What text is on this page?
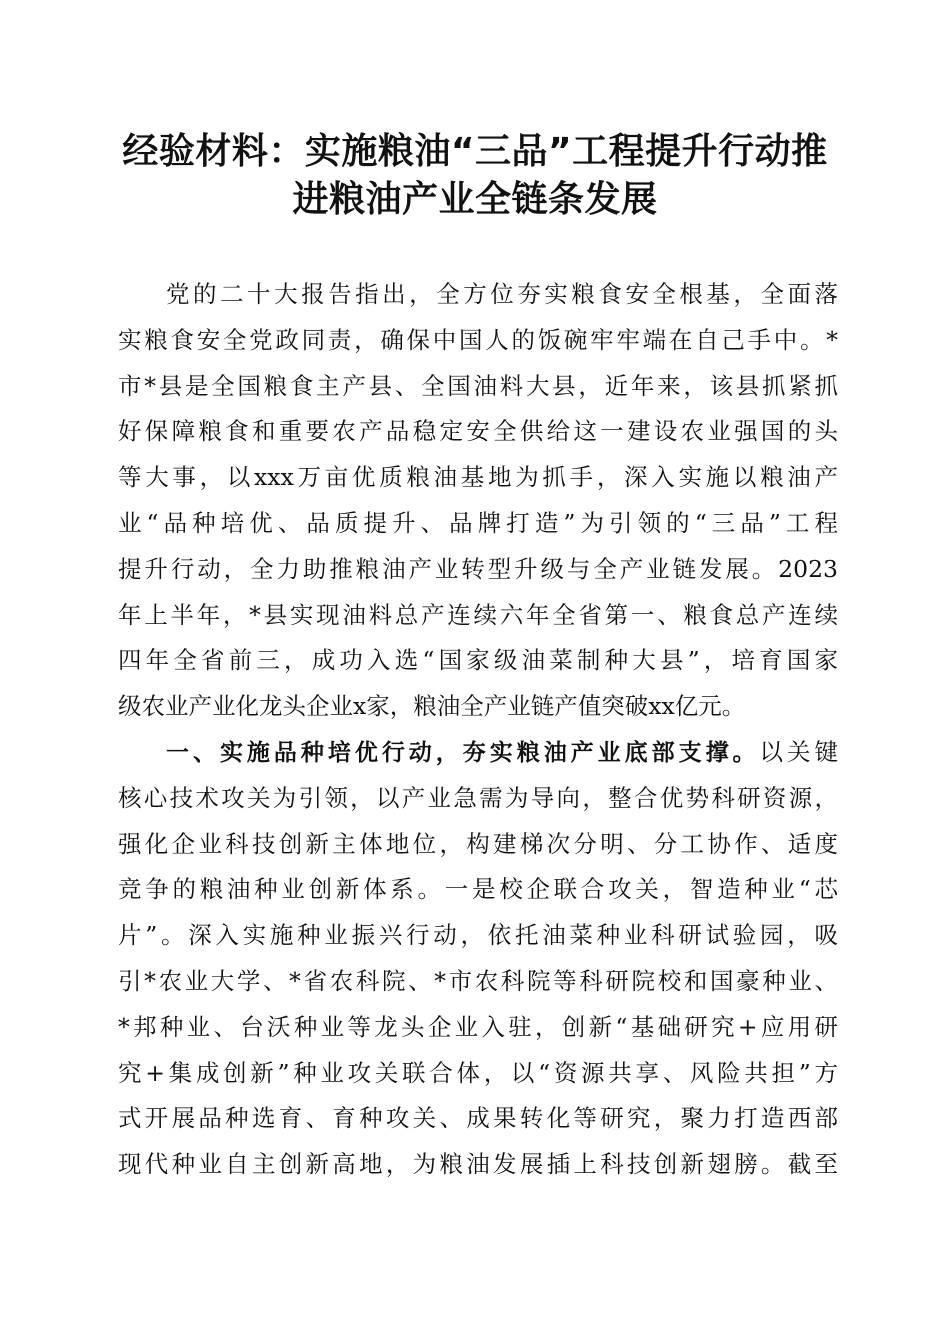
经验材料：实施粮油“三品”工程提升行动推
进粮油产业全链条发展
党的二十大报告指出，全方位夯实粮食安全根基，全面落
实粮食安全党政同责，确保中国人的饭碗牢牢端在自己手中。*
市*县是全国粮食主产县、全国油料大县，近年来，该县抓紧抓
好保障粮食和重要农产品稳定安全供给这一建设农业强国的头
等大事，以xxx万亩优质粮油基地为抓手，深入实施以粮油产
业“品种培优、品质提升、品牌打造”为引领的“三品”工程
提升行动，全力助推粮油产业转型升级与全产业链发展。2023
年上半年，*县实现油料总产连续六年全省第一、粮食总产连续
四年全省前三，成功入选“国家级油菜制种大县”，培育国家
级农业产业化龙头企业x家，粮油全产业链产值突破xx亿元。
一、实施品种培优行动，夯实粮油产业底部支撑。以关键
核心技术攻关为引领，以产业急需为导向，整合优势科研资源，
强化企业科技创新主体地位，构建梯次分明、分工协作、适度
竞争的粮油种业创新体系。一是校企联合攻关，智造种业“芯
片”。深入实施种业振兴行动，依托油菜种业科研试验园，吸
引*农业大学、*省农科院、*市农科院等科研院校和国豪种业、
*邦种业、台沃种业等龙头企业入驻，创新“基础研究+应用研
究+集成创新”种业攻关联合体，以“资源共享、风险共担”方
式开展品种选育、育种攻关、成果转化等研究，聚力打造西部
现代种业自主创新高地，为粮油发展插上科技创新翅膀。截至
